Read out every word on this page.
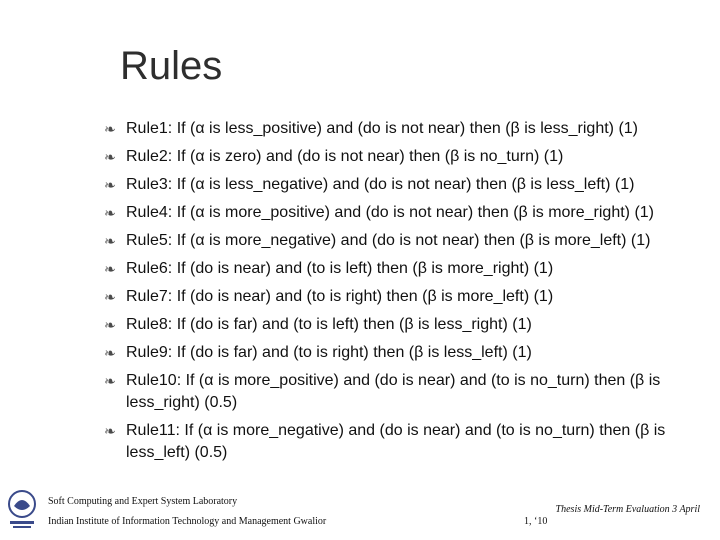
Rules
❧ Rule1: If (α is less_positive) and (do is not near) then (β is less_right) (1)
❧ Rule2: If (α is zero) and (do is not near) then (β is no_turn) (1)
❧ Rule3: If (α is less_negative) and (do is not near) then (β is less_left) (1)
❧ Rule4: If (α is more_positive) and (do is not near) then (β is more_right) (1)
❧ Rule5: If (α is more_negative) and (do is not near) then (β is more_left) (1)
❧ Rule6: If (do is near) and (to is left) then (β is more_right) (1)
❧ Rule7: If (do is near) and (to is right) then (β is more_left) (1)
❧ Rule8: If (do is far) and (to is left) then (β is less_right) (1)
❧ Rule9: If (do is far) and (to is right) then (β is less_left) (1)
❧ Rule10: If (α is more_positive) and (do is near) and (to is no_turn) then (β is less_right) (0.5)
❧ Rule11: If (α is more_negative) and (do is near) and (to is no_turn) then (β is less_left) (0.5)
Soft Computing and Expert System Laboratory
Indian Institute of Information Technology and Management Gwalior
Thesis Mid-Term Evaluation 3 April
1, ‘10
